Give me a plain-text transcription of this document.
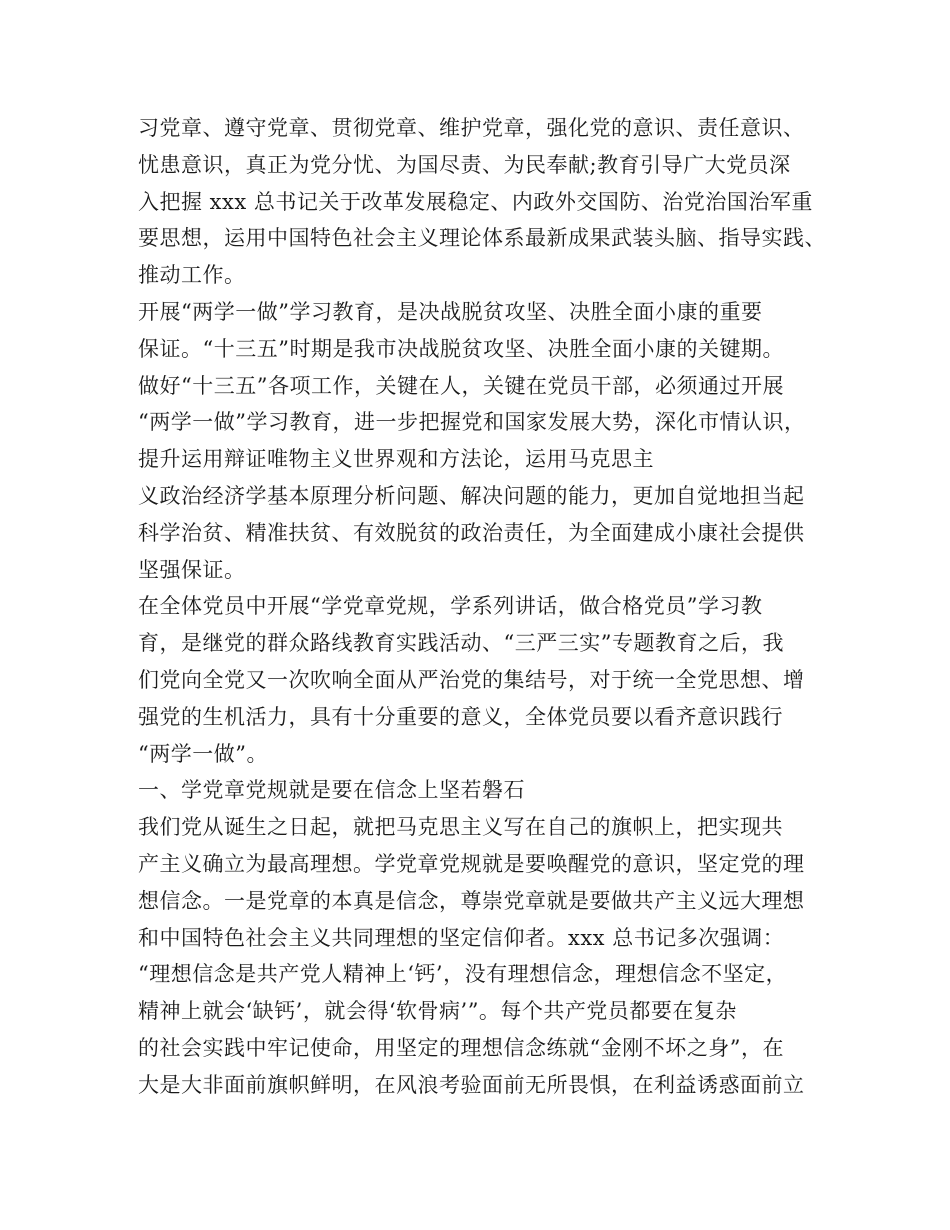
习党章、遵守党章、贯彻党章、维护党章，强化党的意识、责任意识、
忧患意识，真正为党分忧、为国尽责、为民奉献;教育引导广大党员深
入把握 xxx 总书记关于改革发展稳定、内政外交国防、治党治国治军重
要思想，运用中国特色社会主义理论体系最新成果武装头脑、指导实践、
推动工作。
开展“两学一做”学习教育，是决战脱贫攻坚、决胜全面小康的重要
保证。“十三五”时期是我市决战脱贫攻坚、决胜全面小康的关键期。
做好“十三五”各项工作，关键在人，关键在党员干部，必须通过开展
“两学一做”学习教育，进一步把握党和国家发展大势，深化市情认识，
提升运用辩证唯物主义世界观和方法论，运用马克思主
义政治经济学基本原理分析问题、解决问题的能力，更加自觉地担当起
科学治贫、精准扶贫、有效脱贫的政治责任，为全面建成小康社会提供
坚强保证。
在全体党员中开展“学党章党规，学系列讲话，做合格党员”学习教
育，是继党的群众路线教育实践活动、“三严三实”专题教育之后，我
们党向全党又一次吹响全面从严治党的集结号，对于统一全党思想、增
强党的生机活力，具有十分重要的意义，全体党员要以看齐意识践行
“两学一做”。
一、学党章党规就是要在信念上坚若磐石
我们党从诞生之日起，就把马克思主义写在自己的旗帜上，把实现共
产主义确立为最高理想。学党章党规就是要唤醒党的意识，坚定党的理
想信念。一是党章的本真是信念，尊崇党章就是要做共产主义远大理想
和中国特色社会主义共同理想的坚定信仰者。xxx 总书记多次强调：
“理想信念是共产党人精神上‘钙’，没有理想信念，理想信念不坚定，
精神上就会‘缺钙’，就会得‘软骨病’”。每个共产党员都要在复杂
的社会实践中牢记使命，用坚定的理想信念练就“金刚不坏之身”，在
大是大非面前旗帜鲜明，在风浪考验面前无所畏惧，在利益诱惑面前立
